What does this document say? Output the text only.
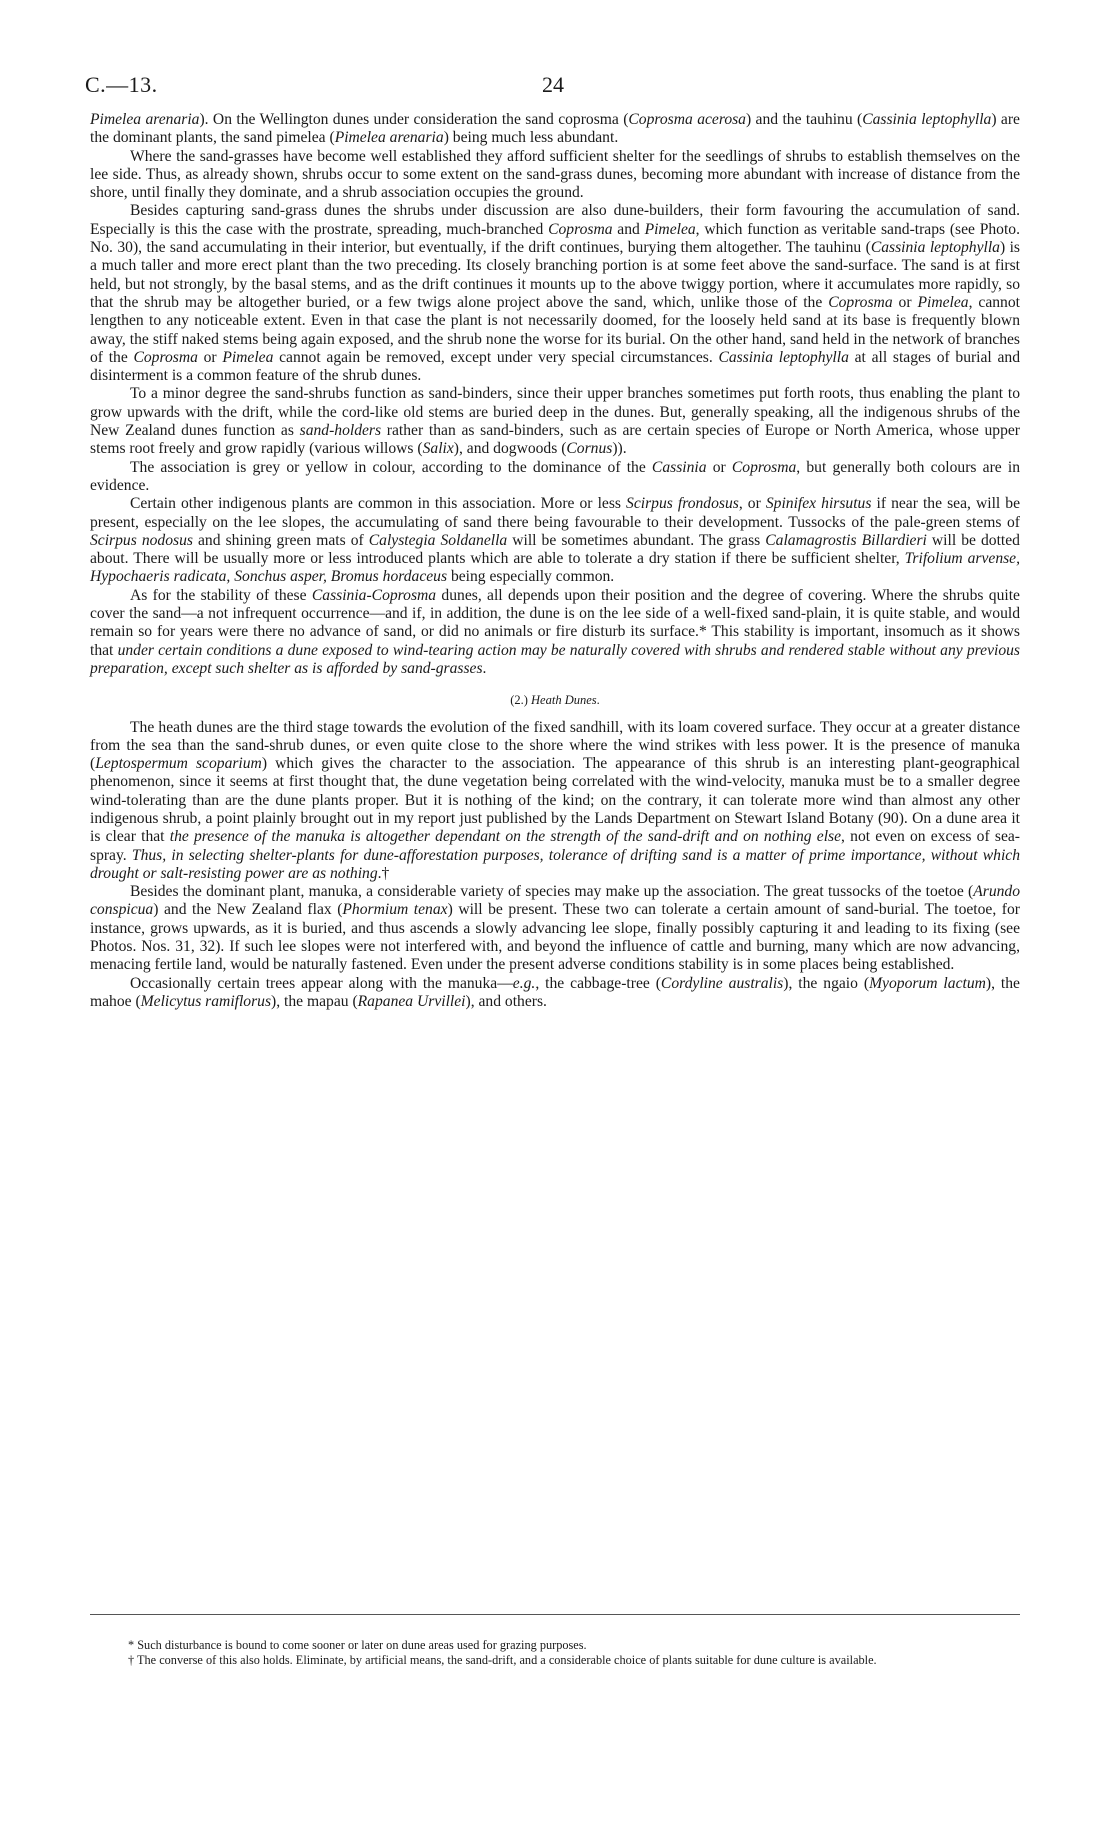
C.—13.	24

Pimelea arenaria). On the Wellington dunes under consideration the sand coprosma (Coprosma acerosa) and the tauhinu (Cassinia leptophylla) are the dominant plants, the sand pimelea (Pimelea arenaria) being much less abundant.

Where the sand-grasses have become well established they afford sufficient shelter for the seedlings of shrubs to establish themselves on the lee side. Thus, as already shown, shrubs occur to some extent on the sand-grass dunes, becoming more abundant with increase of distance from the shore, until finally they dominate, and a shrub association occupies the ground.

Besides capturing sand-grass dunes the shrubs under discussion are also dune-builders, their form favouring the accumulation of sand. Especially is this the case with the prostrate, spreading, much-branched Coprosma and Pimelea, which function as veritable sand-traps (see Photo. No. 30), the sand accumulating in their interior, but eventually, if the drift continues, burying them altogether. The tauhinu (Cassinia leptophylla) is a much taller and more erect plant than the two preceding. Its closely branching portion is at some feet above the sand-surface. The sand is at first held, but not strongly, by the basal stems, and as the drift continues it mounts up to the above twiggy portion, where it accumulates more rapidly, so that the shrub may be altogether buried, or a few twigs alone project above the sand, which, unlike those of the Coprosma or Pimelea, cannot lengthen to any noticeable extent. Even in that case the plant is not necessarily doomed, for the loosely held sand at its base is frequently blown away, the stiff naked stems being again exposed, and the shrub none the worse for its burial. On the other hand, sand held in the network of branches of the Coprosma or Pimelea cannot again be removed, except under very special circumstances. Cassinia leptophylla at all stages of burial and disinterment is a common feature of the shrub dunes.

To a minor degree the sand-shrubs function as sand-binders, since their upper branches sometimes put forth roots, thus enabling the plant to grow upwards with the drift, while the cord-like old stems are buried deep in the dunes. But, generally speaking, all the indigenous shrubs of the New Zealand dunes function as sand-holders rather than as sand-binders, such as are certain species of Europe or North America, whose upper stems root freely and grow rapidly (various willows (Salix), and dogwoods (Cornus)).

The association is grey or yellow in colour, according to the dominance of the Cassinia or Coprosma, but generally both colours are in evidence.

Certain other indigenous plants are common in this association. More or less Scirpus frondosus, or Spinifex hirsutus if near the sea, will be present, especially on the lee slopes, the accumulating of sand there being favourable to their development. Tussocks of the pale-green stems of Scirpus nodosus and shining green mats of Calystegia Soldanella will be sometimes abundant. The grass Calamagrostis Billardieri will be dotted about. There will be usually more or less introduced plants which are able to tolerate a dry station if there be sufficient shelter, Trifolium arvense, Hypochaeris radicata, Sonchus asper, Bromus hordaceus being especially common.

As for the stability of these Cassinia-Coprosma dunes, all depends upon their position and the degree of covering. Where the shrubs quite cover the sand—a not infrequent occurrence—and if, in addition, the dune is on the lee side of a well-fixed sand-plain, it is quite stable, and would remain so for years were there no advance of sand, or did no animals or fire disturb its surface.* This stability is important, insomuch as it shows that under certain conditions a dune exposed to wind-tearing action may be naturally covered with shrubs and rendered stable without any previous preparation, except such shelter as is afforded by sand-grasses.

(2.) Heath Dunes.

The heath dunes are the third stage towards the evolution of the fixed sandhill, with its loam covered surface. They occur at a greater distance from the sea than the sand-shrub dunes, or even quite close to the shore where the wind strikes with less power. It is the presence of manuka (Leptospermum scoparium) which gives the character to the association. The appearance of this shrub is an interesting plant-geographical phenomenon, since it seems at first thought that, the dune vegetation being correlated with the wind-velocity, manuka must be to a smaller degree wind-tolerating than are the dune plants proper. But it is nothing of the kind; on the contrary, it can tolerate more wind than almost any other indigenous shrub, a point plainly brought out in my report just published by the Lands Department on Stewart Island Botany (90). On a dune area it is clear that the presence of the manuka is altogether dependant on the strength of the sand-drift and on nothing else, not even on excess of sea-spray. Thus, in selecting shelter-plants for dune-afforestation purposes, tolerance of drifting sand is a matter of prime importance, without which drought or salt-resisting power are as nothing.†

Besides the dominant plant, manuka, a considerable variety of species may make up the association. The great tussocks of the toetoe (Arundo conspicua) and the New Zealand flax (Phormium tenax) will be present. These two can tolerate a certain amount of sand-burial. The toetoe, for instance, grows upwards, as it is buried, and thus ascends a slowly advancing lee slope, finally possibly capturing it and leading to its fixing (see Photos. Nos. 31, 32). If such lee slopes were not interfered with, and beyond the influence of cattle and burning, many which are now advancing, menacing fertile land, would be naturally fastened. Even under the present adverse conditions stability is in some places being established.

Occasionally certain trees appear along with the manuka—e.g., the cabbage-tree (Cordyline australis), the ngaio (Myoporum lactum), the mahoe (Melicytus ramiflorus), the mapau (Rapanea Urvillei), and others.

* Such disturbance is bound to come sooner or later on dune areas used for grazing purposes.

† The converse of this also holds. Eliminate, by artificial means, the sand-drift, and a considerable choice of plants suitable for dune culture is available.
